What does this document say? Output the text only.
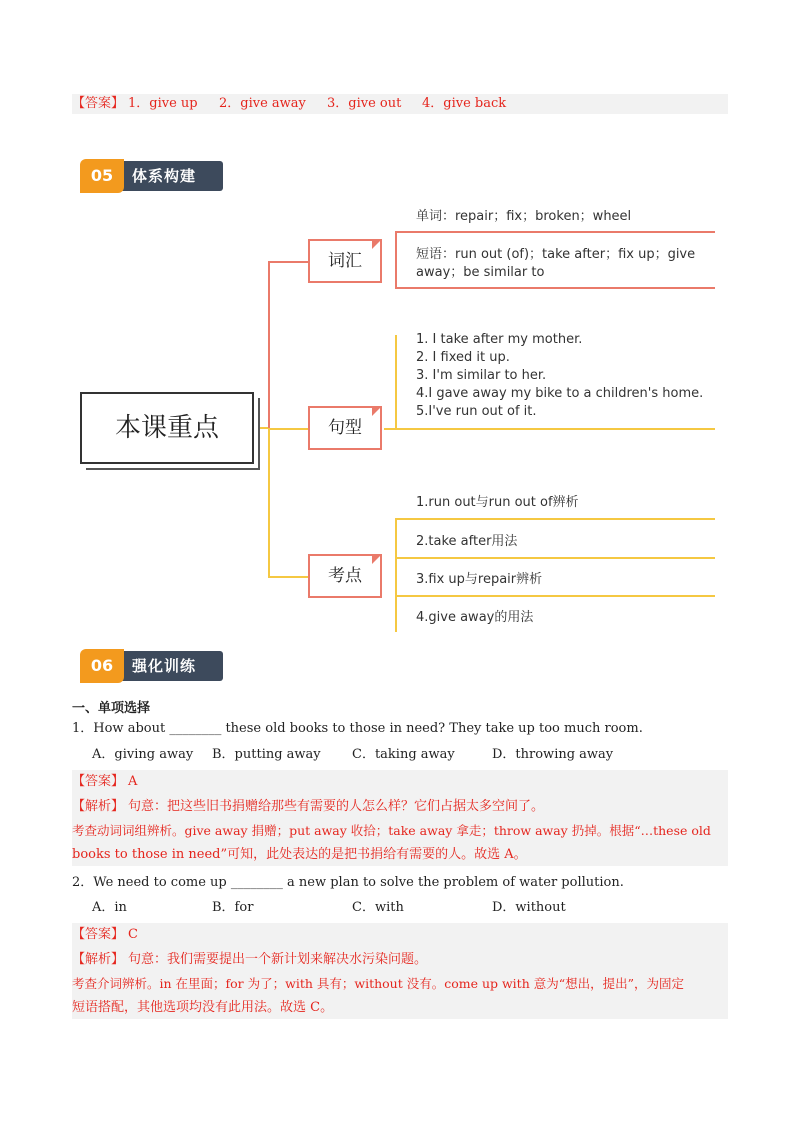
【答案】 1．give up 2．give away 3．give out 4．give back
05	体系构建
本课重点
词汇
单词：repair；fix；broken；wheel
短语：run out (of)；take after；fix up；give
away；be similar to
句型
1. I take after my mother.
2. I fixed it up.
3. I'm similar to her.
4.I gave away my bike to a children's home.
5.I've run out of it.
考点
1.run out与run out of辨析
2.take after用法
3.fix up与repair辨析
4.give away的用法
06	强化训练
一、单项选择
1．How about ________ these old books to those in need? They take up too much room.
A．giving away B．putting away C．taking away	D．throwing away
【答案】 A
【解析】 句意：把这些旧书捐赠给那些有需要的人怎么样？它们占据太多空间了。
考查动词词组辨析。give away 捐赠；put away 收拾；take away 拿走；throw away 扔掉。根据“…these old
books to those in need”可知，此处表达的是把书捐给有需要的人。故选 A。
2．We need to come up ________ a new plan to solve the problem of water pollution.
A．in	B．for	C．with	D．without
【答案】 C
【解析】 句意：我们需要提出一个新计划来解决水污染问题。
考查介词辨析。in 在里面；for 为了；with 具有；without 没有。come up with 意为“想出，提出”，为固定
短语搭配，其他选项均没有此用法。故选 C。
